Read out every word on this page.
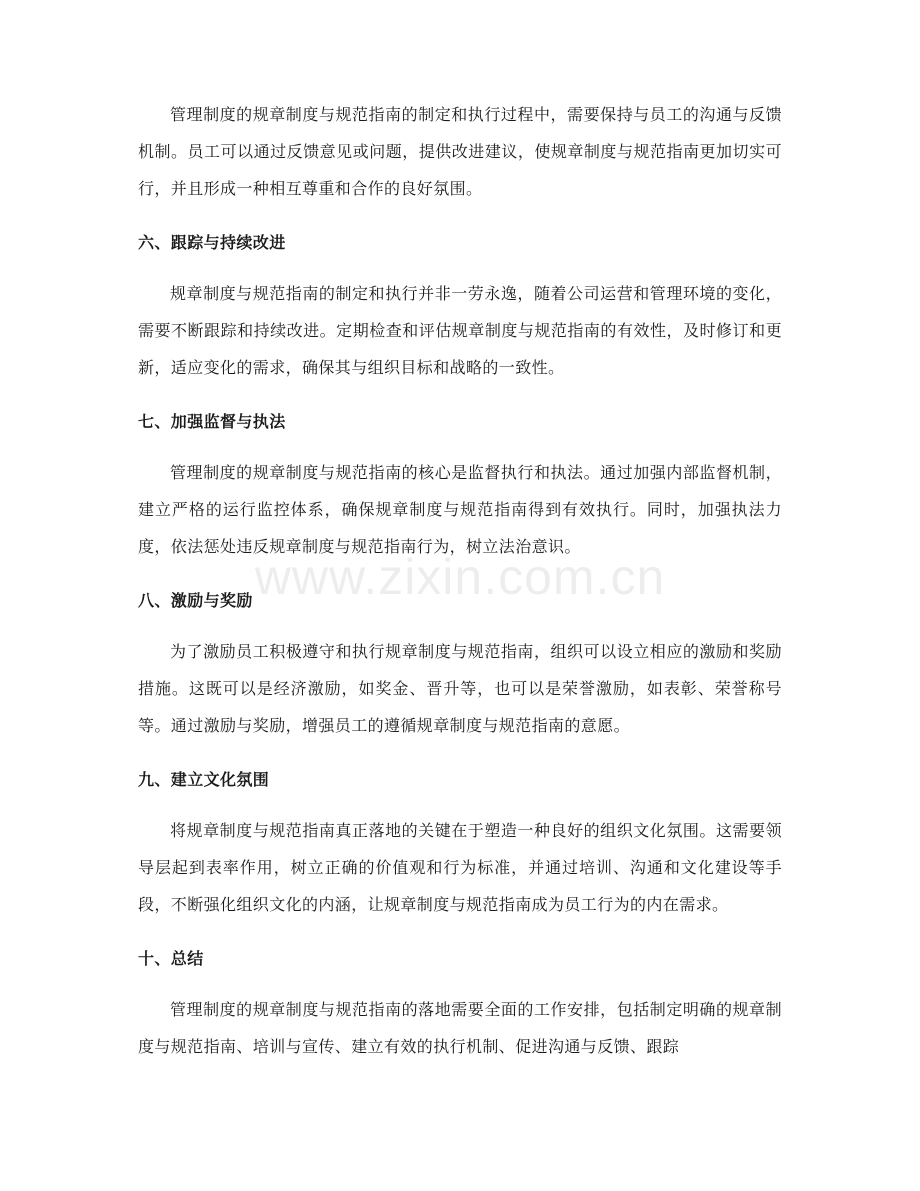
管理制度的规章制度与规范指南的制定和执行过程中，需要保持与员工的沟通与反馈机制。员工可以通过反馈意见或问题，提供改进建议，使规章制度与规范指南更加切实可行，并且形成一种相互尊重和合作的良好氛围。

六、跟踪与持续改进

规章制度与规范指南的制定和执行并非一劳永逸，随着公司运营和管理环境的变化，需要不断跟踪和持续改进。定期检查和评估规章制度与规范指南的有效性，及时修订和更新，适应变化的需求，确保其与组织目标和战略的一致性。

七、加强监督与执法

管理制度的规章制度与规范指南的核心是监督执行和执法。通过加强内部监督机制，建立严格的运行监控体系，确保规章制度与规范指南得到有效执行。同时，加强执法力度，依法惩处违反规章制度与规范指南行为，树立法治意识。

八、激励与奖励

为了激励员工积极遵守和执行规章制度与规范指南，组织可以设立相应的激励和奖励措施。这既可以是经济激励，如奖金、晋升等，也可以是荣誉激励，如表彰、荣誉称号等。通过激励与奖励，增强员工的遵循规章制度与规范指南的意愿。

九、建立文化氛围

将规章制度与规范指南真正落地的关键在于塑造一种良好的组织文化氛围。这需要领导层起到表率作用，树立正确的价值观和行为标准，并通过培训、沟通和文化建设等手段，不断强化组织文化的内涵，让规章制度与规范指南成为员工行为的内在需求。

十、总结

管理制度的规章制度与规范指南的落地需要全面的工作安排，包括制定明确的规章制度与规范指南、培训与宣传、建立有效的执行机制、促进沟通与反馈、跟踪

www.zixin.com.cn
